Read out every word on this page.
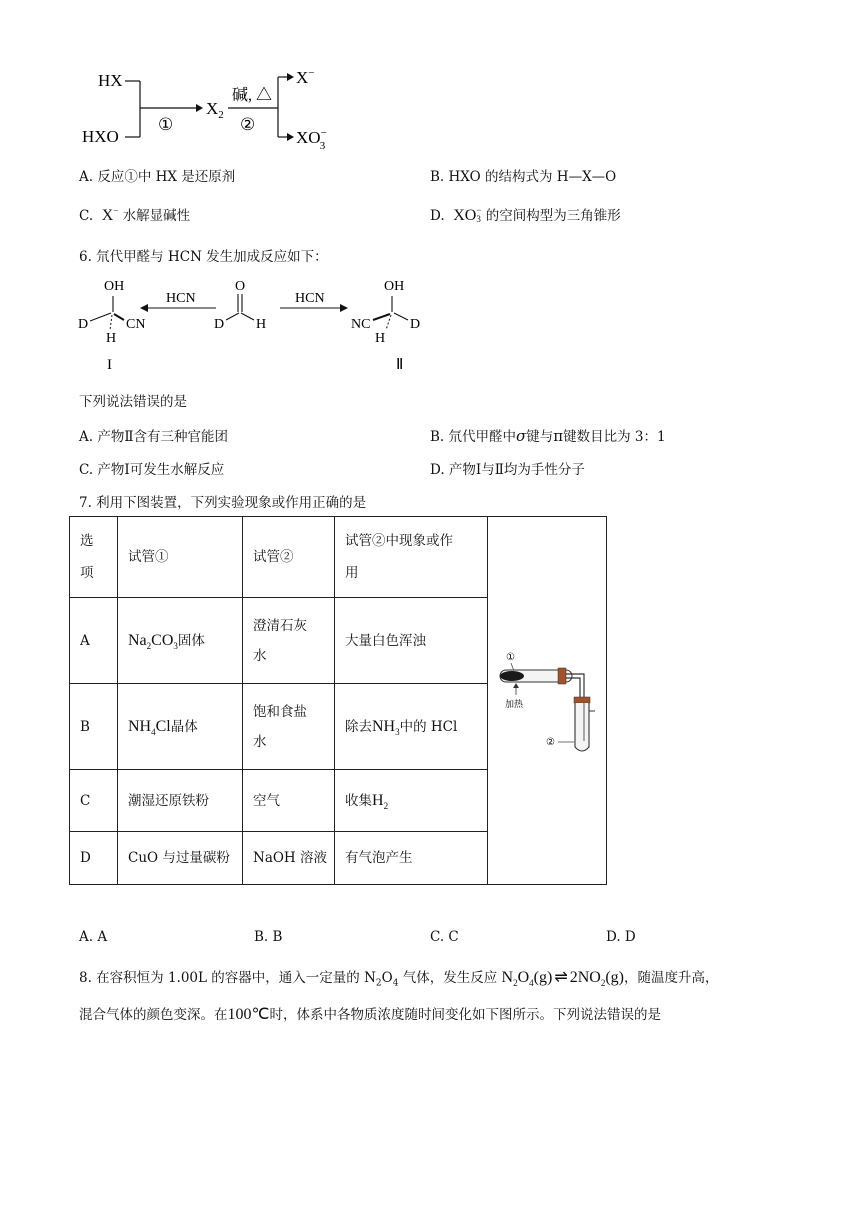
HX
HXO
①
$X_2$
碱, △
②
X−
XO− 3
A. 反应①中 HX 是还原剂	B. HXO 的结构式为 H—X—O
C. X− 水解显碱性	D. XO −
3 的空间构型为三角锥形
6. 氘代甲醛与 HCN 发生加成反应如下：
OH
D	CN
H
I
HCN
O
D H
HCN
OH
NC	D
H
Ⅱ
下列说法错误的是
A. 产物Ⅱ含有三种官能团	B. 氘代甲醛中σ键与π键数目比为 3：1
C. 产物Ⅰ可发生水解反应	D. 产物Ⅰ与Ⅱ均为手性分子
7. 利用下图装置，下列实验现象或作用正确的是
选项	试管①	试管②	试管②中现象或作用	①
加热
②

A	$Na_2CO_3$固体	澄清石灰水	大量白色浑浊	
B	$NH_4Cl$晶体	饱和食盐水	除去$NH_3$中的 HCl	
C	潮湿还原铁粉	空气	收集$H_2$
D	CuO 与过量碳粉	NaOH 溶液	有气泡产生	
A. A	B. B	C. C	D. D
8. 在容积恒为 1.00L 的容器中，通入一定量的 $N_2O_4$ 气体，发生反应 $N_2O_4(g)$ ⇌ $2NO_2(g)$，随温度升高，
混合气体的颜色变深。在100℃时，体系中各物质浓度随时间变化如下图所示。下列说法错误的是
